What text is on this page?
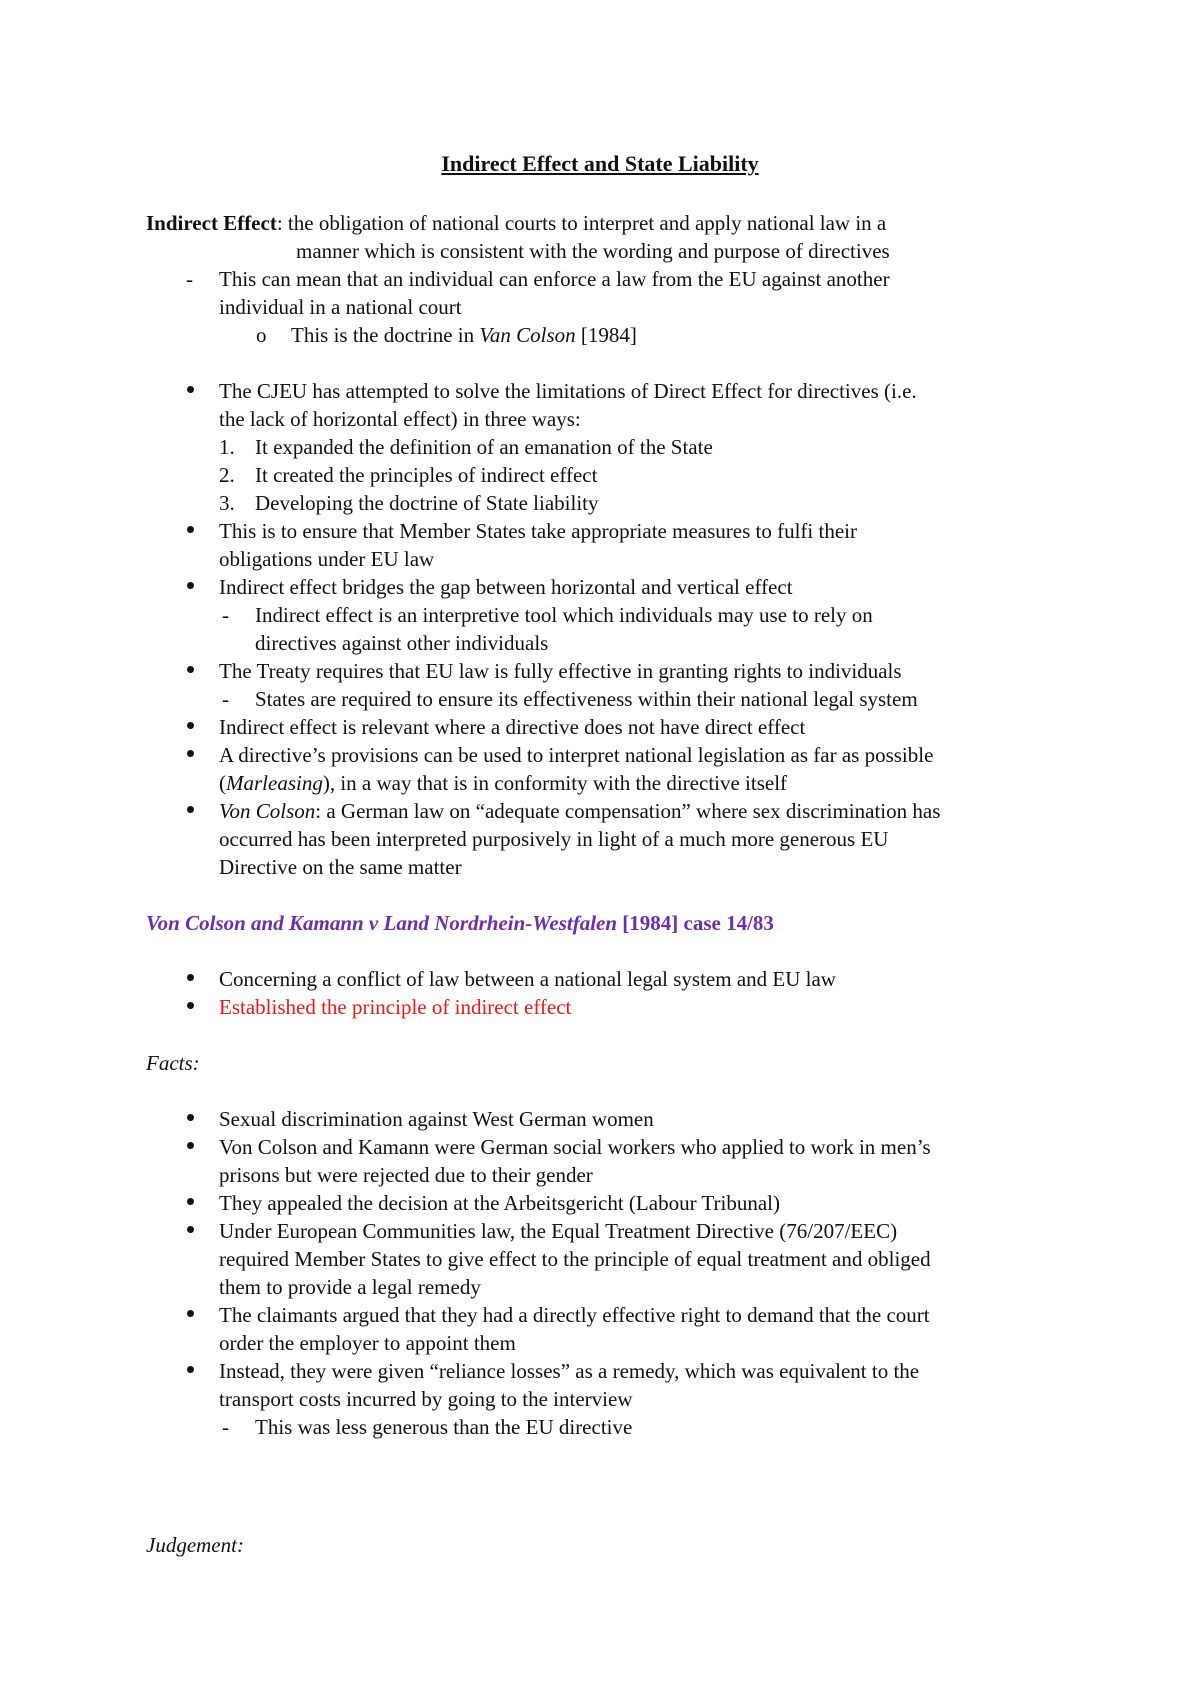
Indirect Effect and State Liability

Indirect Effect: the obligation of national courts to interpret and apply national law in a

manner which is consistent with the wording and purpose of directives

- This can mean that an individual can enforce a law from the EU against another

individual in a national court

o This is the doctrine in Van Colson [1984]

The CJEU has attempted to solve the limitations of Direct Effect for directives (i.e.

the lack of horizontal effect) in three ways:

1. It expanded the definition of an emanation of the State

2. It created the principles of indirect effect

3. Developing the doctrine of State liability

This is to ensure that Member States take appropriate measures to fulfi their

obligations under EU law

Indirect effect bridges the gap between horizontal and vertical effect

- Indirect effect is an interpretive tool which individuals may use to rely on

directives against other individuals

The Treaty requires that EU law is fully effective in granting rights to individuals

- States are required to ensure its effectiveness within their national legal system

Indirect effect is relevant where a directive does not have direct effect

A directive’s provisions can be used to interpret national legislation as far as possible

(Marleasing), in a way that is in conformity with the directive itself

Von Colson: a German law on “adequate compensation” where sex discrimination has

occurred has been interpreted purposively in light of a much more generous EU

Directive on the same matter

Von Colson and Kamann v Land Nordrhein-Westfalen [1984] case 14/83

Concerning a conflict of law between a national legal system and EU law

Established the principle of indirect effect

Facts:

Sexual discrimination against West German women

Von Colson and Kamann were German social workers who applied to work in men’s

prisons but were rejected due to their gender

They appealed the decision at the Arbeitsgericht (Labour Tribunal)

Under European Communities law, the Equal Treatment Directive (76/207/EEC)

required Member States to give effect to the principle of equal treatment and obliged

them to provide a legal remedy

The claimants argued that they had a directly effective right to demand that the court

order the employer to appoint them

Instead, they were given “reliance losses” as a remedy, which was equivalent to the

transport costs incurred by going to the interview

- This was less generous than the EU directive

Judgement:
